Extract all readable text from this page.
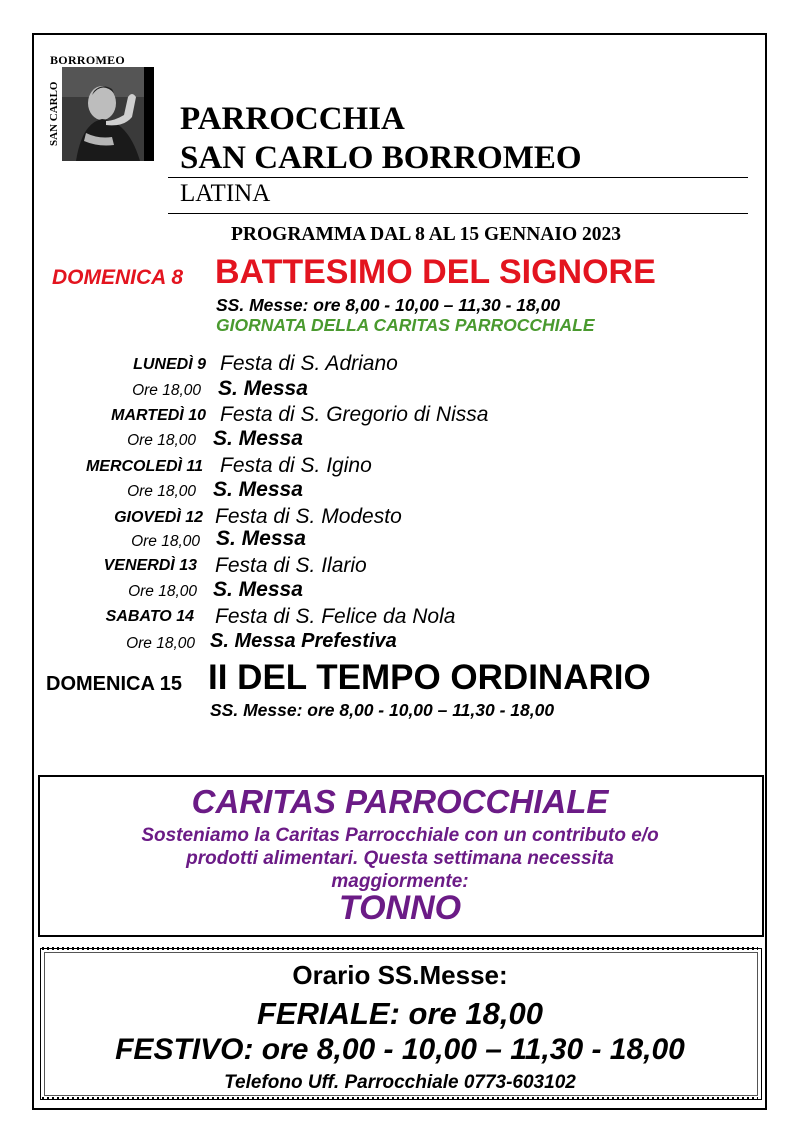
BORROMEO
SAN CARLO	PARROCCHIA
SAN CARLO BORROMEO
LATINA
PROGRAMMA DAL 8 AL 15 GENNAIO 2023
DOMENICA 8 BATTESIMO DEL SIGNORE
SS. Messe: ore 8,00 - 10,00 – 11,30 - 18,00
GIORNATA DELLA CARITAS PARROCCHIALE
LUNEDÌ 9 Festa di S. Adriano
Ore 18,00 S. Messa
MARTEDÌ 10 Festa di S. Gregorio di Nissa
Ore 18,00 S. Messa
MERCOLEDÌ 11 Festa di S. Igino
Ore 18,00 S. Messa
GIOVEDÌ 12 Festa di S. Modesto
Ore 18,00 S. Messa
VENERDÌ 13 Festa di S. Ilario
Ore 18,00 S. Messa
SABATO 14 Festa di S. Felice da Nola
Ore 18,00 S. Messa Prefestiva
DOMENICA 15 II DEL TEMPO ORDINARIO
SS. Messe: ore 8,00 - 10,00 – 11,30 - 18,00
CARITAS PARROCCHIALE
Sosteniamo la Caritas Parrocchiale con un contributo e/o
prodotti alimentari. Questa settimana necessita
maggiormente:
TONNO
Orario SS.Messe:
FERIALE: ore 18,00
FESTIVO: ore 8,00 - 10,00 – 11,30 - 18,00
Telefono Uff. Parrocchiale 0773-603102
